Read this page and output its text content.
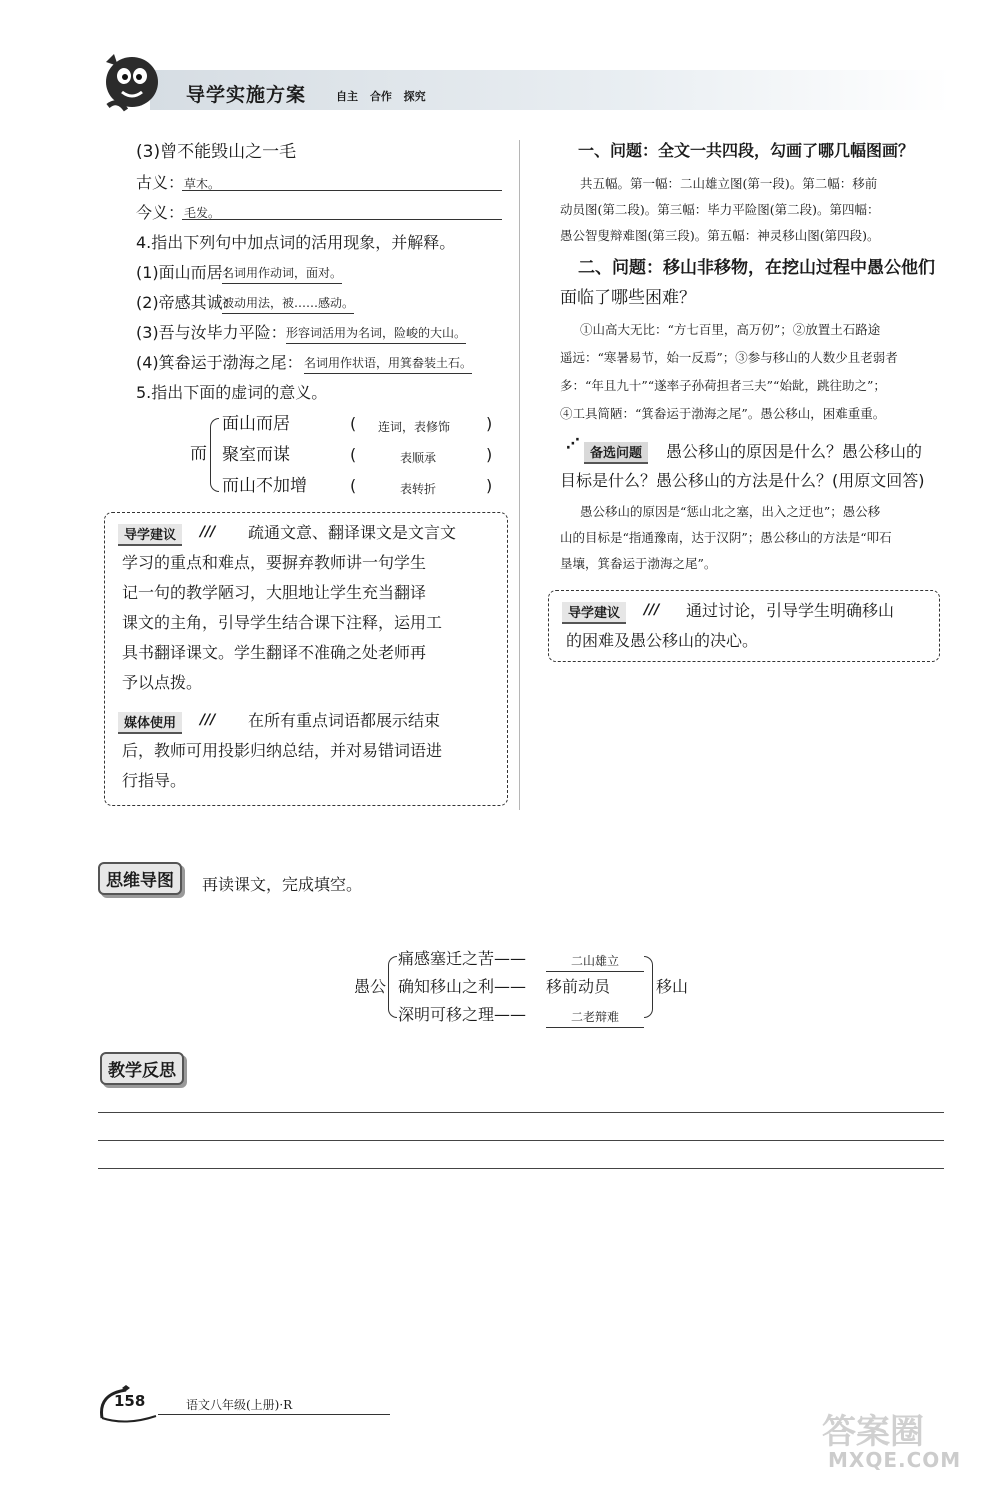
导学实施方案	自主 合作 探究
(3)曾不能毁山之一毛
古义： 草木。
今义： 毛发。
4.指出下列句中加点词的活用现象，并解释。
(1)面山而居：
名词用作动词，面对。
(2)帝感其诚：
被动用法，被……感动。
(3)吾与汝毕力平险： 形容词活用为名词，险峻的大山。
(4)箕畚运于渤海之尾： 名词用作状语，用箕畚装土石。
5.指出下面的虚词的意义。
而
面山而居	( 连词，表修饰 )
聚室而谋	(	表顺承	)
而山不加增	(	表转折	)
导学建议	/// 疏通文意、翻译课文是文言文
学习的重点和难点，要摒弃教师讲一句学生
记一句的教学陋习，大胆地让学生充当翻译
课文的主角，引导学生结合课下注释，运用工
具书翻译课文。学生翻译不准确之处老师再
予以点拨。
媒体使用	/// 在所有重点词语都展示结束
后，教师可用投影归纳总结，并对易错词语进
行指导。
一、问题：全文一共四段，勾画了哪几幅图画？
共五幅。第一幅：二山雄立图(第一段)。第二幅：移前
动员图(第二段)。第三幅：毕力平险图(第二段)。第四幅：
愚公智叟辩难图(第三段)。第五幅：神灵移山图(第四段)。
二、问题：移山非移物，在挖山过程中愚公他们
面临了哪些困难？
①山高大无比：“方七百里，高万仞”；②放置土石路途
遥远：“寒暑易节，始一反焉”；③参与移山的人数少且老弱者
多：“年且九十”“遂率子孙荷担者三夫”“始龀，跳往助之”；
④工具简陋：“箕畚运于渤海之尾”。愚公移山，困难重重。
⋰
备选问题	愚公移山的原因是什么？愚公移山的
目标是什么？愚公移山的方法是什么？(用原文回答)
愚公移山的原因是“惩山北之塞，出入之迂也”；愚公移
山的目标是“指通豫南，达于汉阴”；愚公移山的方法是“叩石
垦壤，箕畚运于渤海之尾”。
导学建议	/// 通过讨论，引导学生明确移山
的困难及愚公移山的决心。
思维导图	再读课文，完成填空。
愚公
痛感塞迁之苦——	二山雄立
确知移山之利—— 移前动员
深明可移之理——	二老辩难
移山
教学反思
158	语文八年级(上册)·R
答案圈
MXQE.COM
